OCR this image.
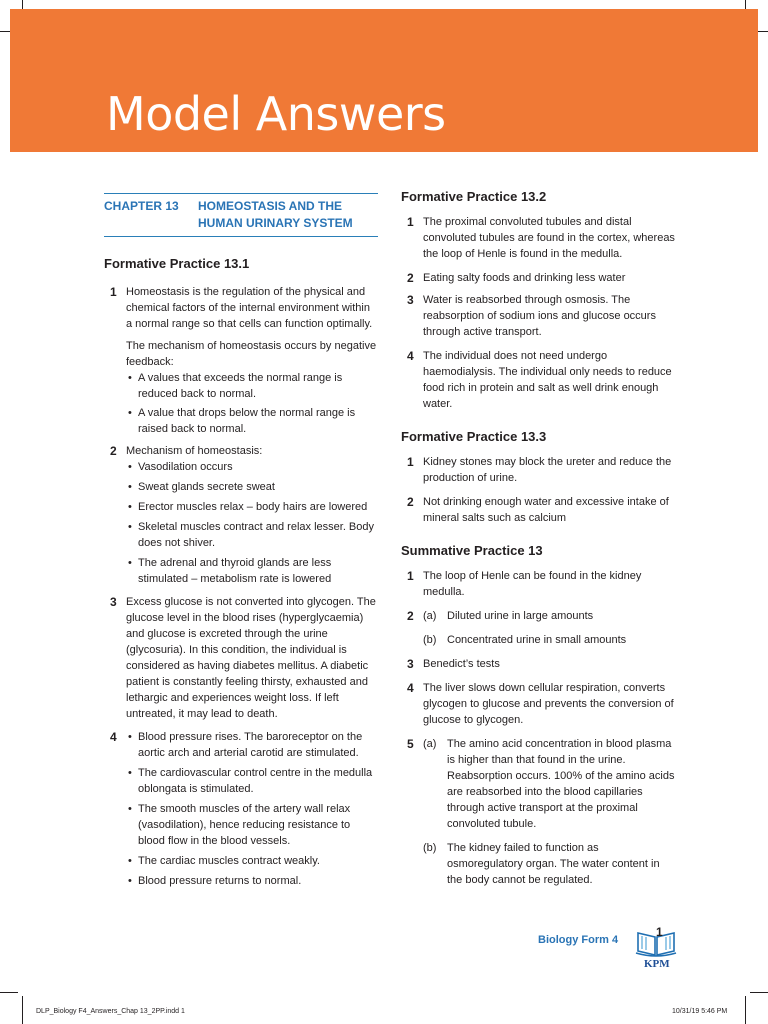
Model Answers
CHAPTER 13	HOMEOSTASIS AND THE
HUMAN URINARY SYSTEM
Formative Practice 13.1
1 Homeostasis is the regulation of the physical and chemical factors of the internal environment within a normal range so that cells can function optimally.

The mechanism of homeostasis occurs by negative feedback:

• A values that exceeds the normal range is reduced back to normal.
• A value that drops below the normal range is raised back to normal.
2 Mechanism of homeostasis:

• Vasodilation occurs
• Sweat glands secrete sweat
• Erector muscles relax – body hairs are lowered
• Skeletal muscles contract and relax lesser. Body does not shiver.
• The adrenal and thyroid glands are less stimulated – metabolism rate is lowered
3 Excess glucose is not converted into glycogen. The glucose level in the blood rises (hyperglycaemia) and glucose is excreted through the urine (glycosuria). In this condition, the individual is considered as having diabetes mellitus. A diabetic patient is constantly feeling thirsty, exhausted and lethargic and experiences weight loss. If left untreated, it may lead to death.

4
•	Blood pressure rises. The baroreceptor on the aortic arch and arterial carotid are stimulated.
• The cardiovascular control centre in the medulla oblongata is stimulated.
• The smooth muscles of the artery wall relax (vasodilation), hence reducing resistance to blood flow in the blood vessels.
• The cardiac muscles contract weakly.
• Blood pressure returns to normal.
Formative Practice 13.2
1 The proximal convoluted tubules and distal convoluted tubules are found in the cortex, whereas the loop of Henle is found in the medulla.
2 Eating salty foods and drinking less water
3 Water is reabsorbed through osmosis. The reabsorption of sodium ions and glucose occurs through active transport.
4 The individual does not need undergo haemodialysis. The individual only needs to reduce food rich in protein and salt as well drink enough water.
Formative Practice 13.3
1 Kidney stones may block the ureter and reduce the production of urine.
2 Not drinking enough water and excessive intake of mineral salts such as calcium
Summative Practice 13
1 The loop of Henle can be found in the kidney medulla.
2 (a) Diluted urine in large amounts
(b) Concentrated urine in small amounts
3 Benedict’s tests
4 The liver slows down cellular respiration, converts glycogen to glucose and prevents the conversion of glucose to glycogen.
5 (a) The amino acid concentration in blood plasma is higher than that found in the urine. Reabsorption occurs. 100% of the amino acids are reabsorbed into the blood capillaries through active transport at the proximal convoluted tubule.
(b) The kidney failed to function as osmoregulatory organ. The water content in the body cannot be regulated.
Biology Form 4
1
KPM
DLP_Biology F4_Answers_Chap 13_2PP.indd 1	10/31/19 5:46 PM
